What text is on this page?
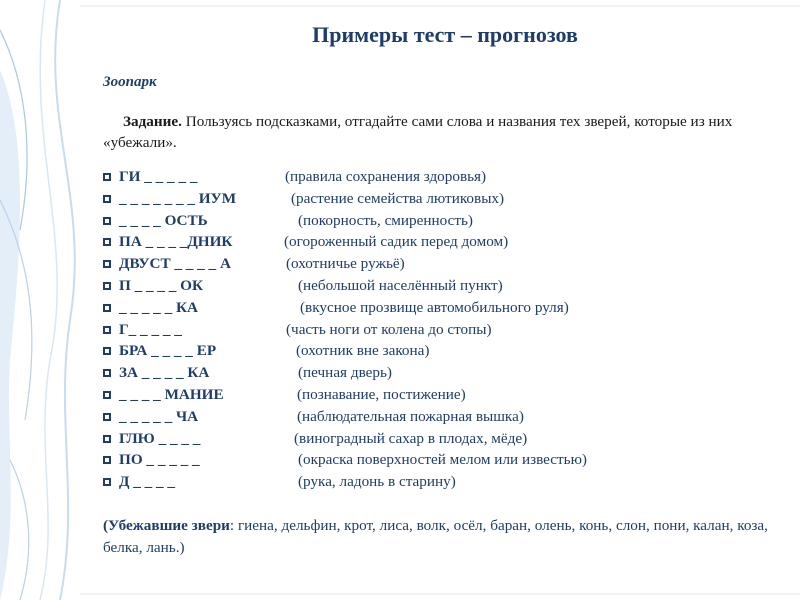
Примеры тест – прогнозов
Зоопарк
Задание. Пользуясь подсказками, отгадайте сами слова и названия тех зверей, которые из них «убежали».
ГИ _ _ _ _ _	(правила сохранения здоровья)
_ _ _ _ _ _ _ ИУМ	(растение семейства лютиковых)
_ _ _ _ ОСТЬ	(покорность, смиренность)
ПА _ _ _ _ДНИК	(огороженный садик перед домом)
ДВУСТ _ _ _ _ А	(охотничье ружьё)
П _ _ _ _ ОК	(небольшой населённый пункт)
_ _ _ _ _ КА	(вкусное прозвище автомобильного руля)
Г_ _ _ _ _	(часть ноги от колена до стопы)
БРА _ _ _ _ ЕР	(охотник вне закона)
ЗА _ _ _ _ КА	(печная дверь)
_ _ _ _ МАНИЕ	(познавание, постижение)
_ _ _ _ _ ЧА	(наблюдательная пожарная вышка)
ГЛЮ _ _ _ _	(виноградный сахар в плодах, мёде)
ПО _ _ _ _ _	(окраска поверхностей мелом или известью)
Д _ _ _ _	(рука, ладонь в старину)
(Убежавшие звери: гиена, дельфин, крот, лиса, волк, осёл, баран, олень, конь, слон, пони, калан, коза, белка, лань.)
